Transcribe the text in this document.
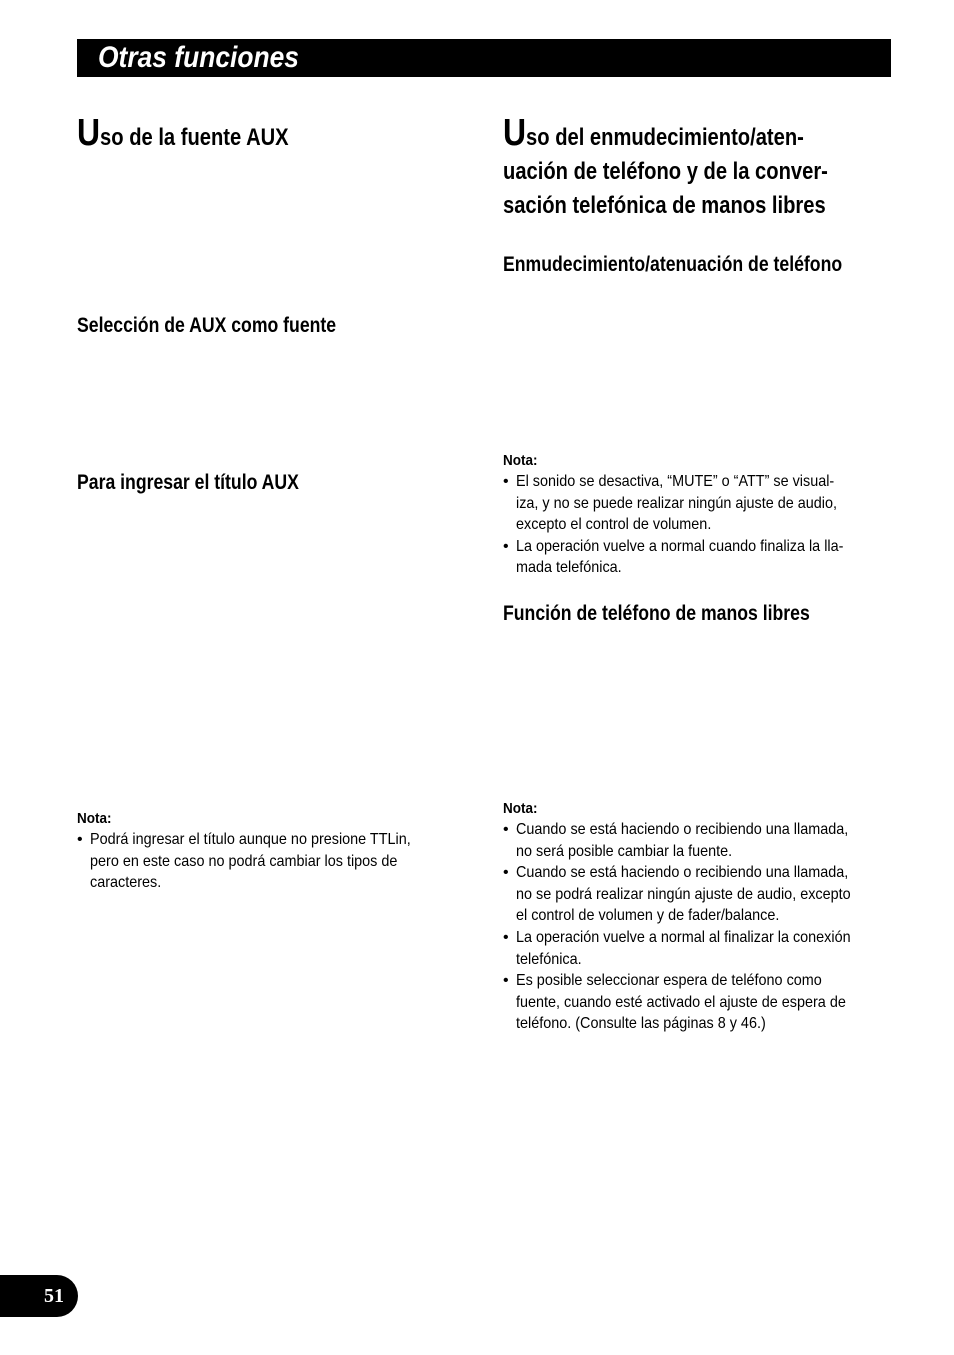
Otras funciones
Uso de la fuente AUX
Selección de AUX como fuente
Para ingresar el título AUX
Nota:
• Podrá ingresar el título aunque no presione TTLin,
pero en este caso no podrá cambiar los tipos de
caracteres.
Uso del enmudecimiento/aten-
uación de teléfono y de la conver-
sación telefónica de manos libres
Enmudecimiento/atenuación de teléfono
Nota:
• El sonido se desactiva, “MUTE” o “ATT” se visual-
iza, y no se puede realizar ningún ajuste de audio,
excepto el control de volumen.
• La operación vuelve a normal cuando finaliza la lla-
mada telefónica.
Función de teléfono de manos libres
Nota:
• Cuando se está haciendo o recibiendo una llamada,
no será posible cambiar la fuente.
• Cuando se está haciendo o recibiendo una llamada,
no se podrá realizar ningún ajuste de audio, excepto
el control de volumen y de fader/balance.
• La operación vuelve a normal al finalizar la conexión
telefónica.
• Es posible seleccionar espera de teléfono como
fuente, cuando esté activado el ajuste de espera de
teléfono. (Consulte las páginas 8 y 46.)
51
